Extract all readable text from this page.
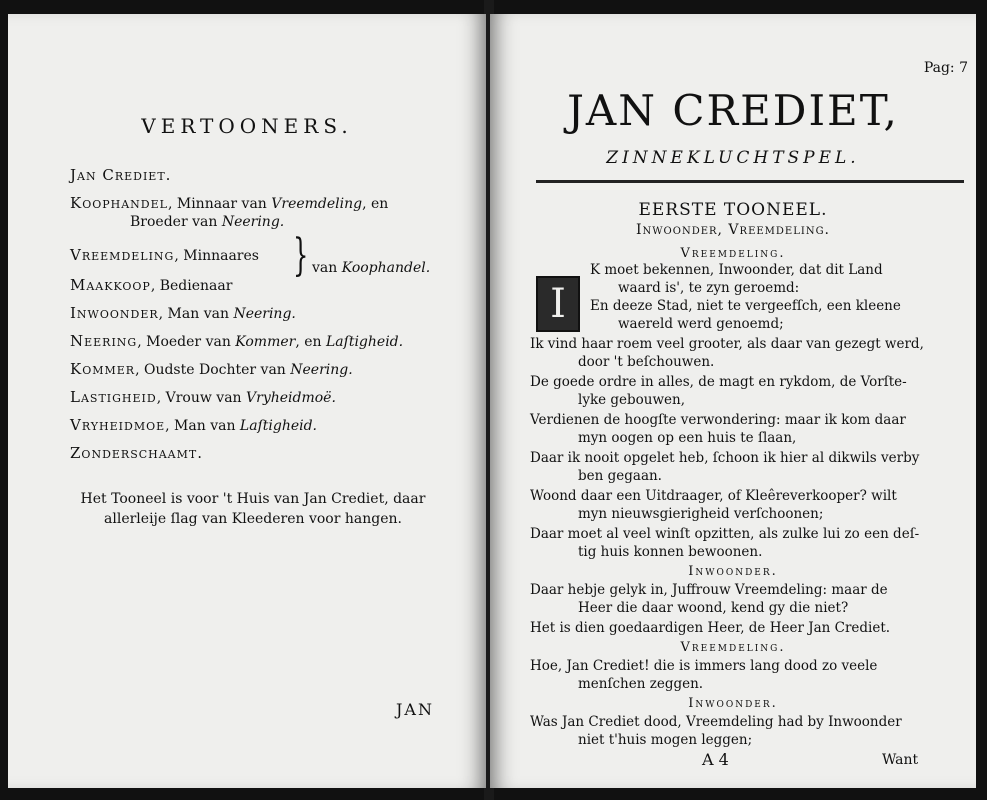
VERTOONERS.
Jan Crediet.
Koophandel, Minnaar van Vreemdeling, en
Broeder van Neering.
Vreemdeling, Minnaares
Maakkoop, Bedienaar
} van Koophandel.
Inwoonder, Man van Neering.
Neering, Moeder van Kommer, en Laſtigheid.
Kommer, Oudste Dochter van Neering.
Lastigheid, Vrouw van Vryheidmoë.
Vryheidmoe, Man van Laſtigheid.
Zonderschaamt.
Het Tooneel is voor 't Huis van Jan Crediet, daar allerleije ſlag van Kleederen voor hangen.
JAN
Pag: 7
JAN CREDIET,
ZINNEKLUCHTSPEL.
EERSTE TOONEEL.
Inwoonder, Vreemdeling.
Vreemdeling.
I
K moet bekennen, Inwoonder, dat dit Land
waard is', te zyn geroemd:
En deeze Stad, niet te vergeefſch, een kleene
waereld werd genoemd;
Ik vind haar roem veel grooter, als daar van gezegt werd,
door 't beſchouwen.
De goede ordre in alles, de magt en rykdom, de Vorſte-
lyke gebouwen,
Verdienen de hoogſte verwondering: maar ik kom daar
myn oogen op een huis te ſlaan,
Daar ik nooit opgelet heb, ſchoon ik hier al dikwils verby
ben gegaan.
Woond daar een Uitdraager, of Kleêreverkooper? wilt
myn nieuwsgierigheid verſchoonen;
Daar moet al veel winſt opzitten, als zulke lui zo een deſ-
tig huis konnen bewoonen.
Inwoonder.
Daar hebje gelyk in, Juffrouw Vreemdeling: maar de
Heer die daar woond, kend gy die niet?
Het is dien goedaardigen Heer, de Heer Jan Crediet.
Vreemdeling.
Hoe, Jan Crediet! die is immers lang dood zo veele
menſchen zeggen.
Inwoonder.
Was Jan Crediet dood, Vreemdeling had by Inwoonder
niet t'huis mogen leggen;
A 4	Want
